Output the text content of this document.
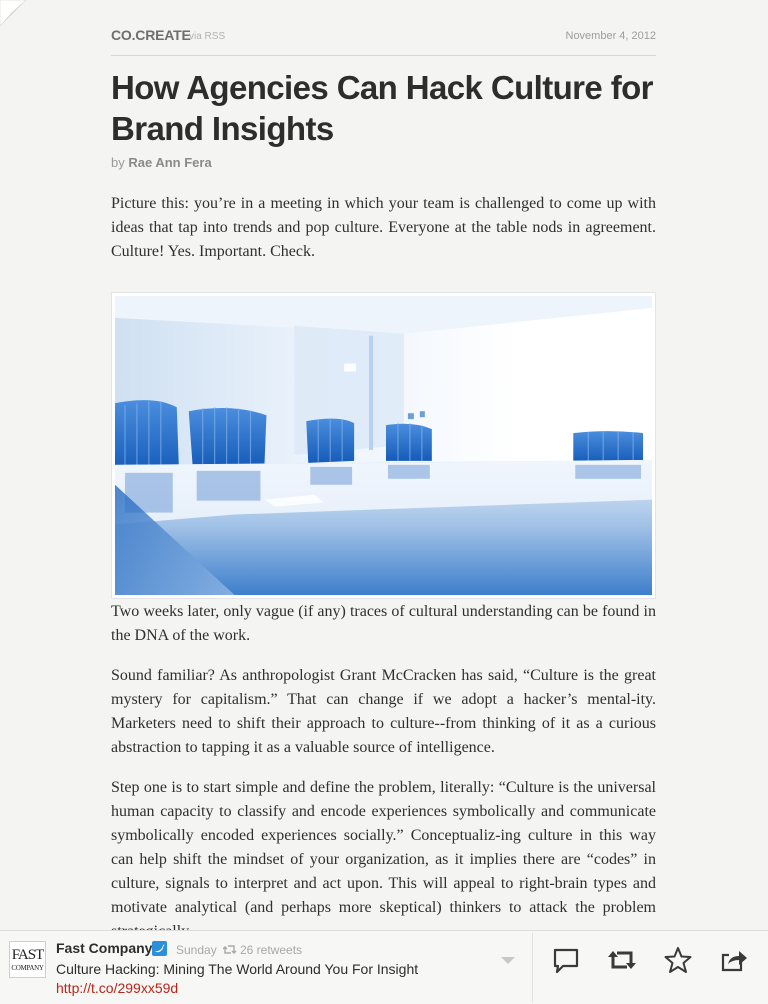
CO.CREATE
via RSS	November 4, 2012
How Agencies Can Hack Culture for Brand Insights
by Rae Ann Fera

Picture this: you’re in a meeting in which your team is challenged to come up with ideas that tap into trends and pop culture. Everyone at the table nods in agreement. Culture! Yes. Important. Check.

Two weeks later, only vague (if any) traces of cultural understanding can be found in the DNA of the work.

Sound familiar? As anthropologist Grant McCracken has said, “Culture is the great mystery for capitalism.” That can change if we adopt a hacker’s mental-ity. Marketers need to shift their approach to culture--from thinking of it as a curious abstraction to tapping it as a valuable source of intelligence.

Step one is to start simple and define the problem, literally: “Culture is the universal human capacity to classify and encode experiences symbolically and communicate symbolically encoded experiences socially.” Conceptualiz-ing culture in this way can help shift the mindset of your organization, as it implies there are “codes” in culture, signals to interpret and act upon. This will appeal to right-brain types and motivate analytical (and perhaps more skeptical) thinkers to attack the problem

FAST
COMPANY
Fast Company Sunday 26 retweets
Culture Hacking: Mining The World Around You For Insight http://t.co/299xx59d
